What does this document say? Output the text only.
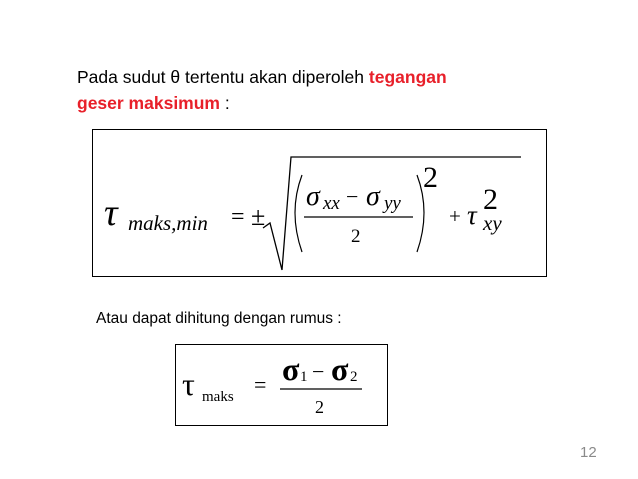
Pada sudut θ tertentu akan diperoleh tegangan
geser maksimum :
τ maks,min = ±
σ xx − σ yy
2
2
+ τ 2
xy
Atau dapat dihitung dengan rumus :
τ maks = σ 1 − σ 2
2
12
